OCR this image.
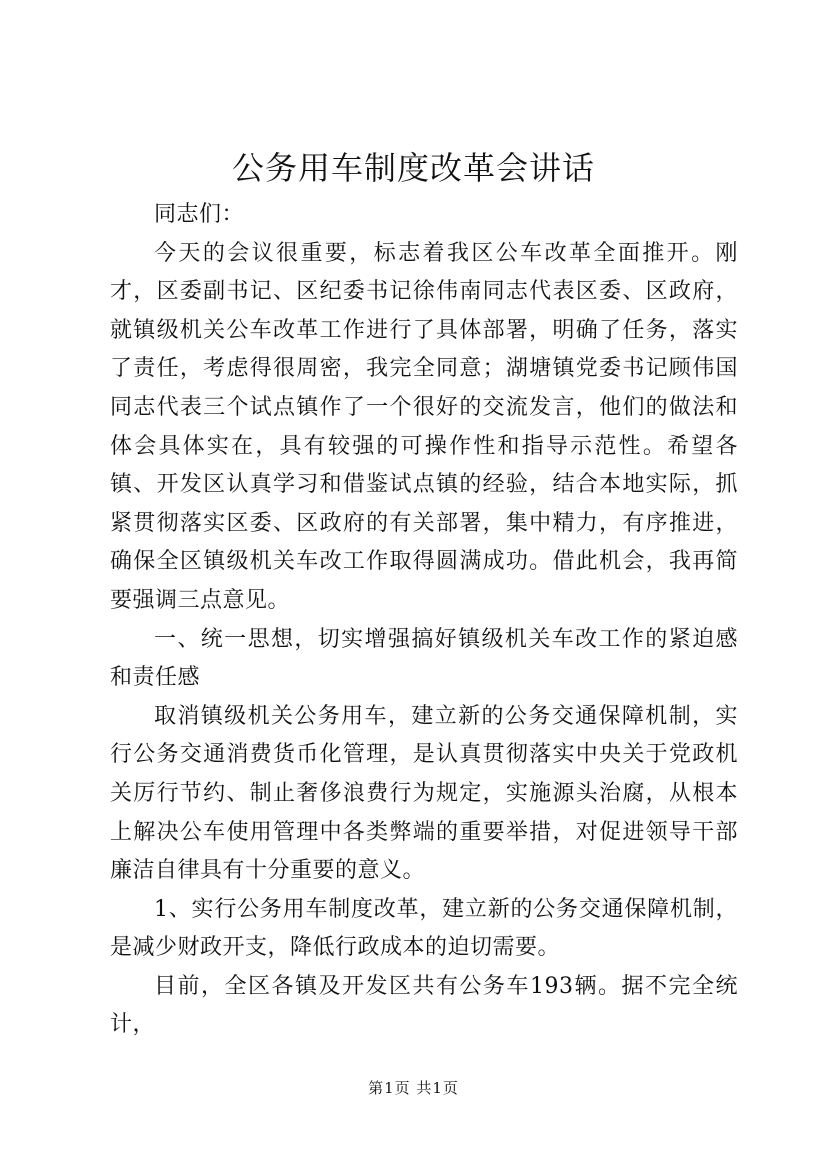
公务用车制度改革会讲话

同志们：

今天的会议很重要，标志着我区公车改革全面推开。刚才，区委副书记、区纪委书记徐伟南同志代表区委、区政府，就镇级机关公车改革工作进行了具体部署，明确了任务，落实了责任，考虑得很周密，我完全同意；湖塘镇党委书记顾伟国同志代表三个试点镇作了一个很好的交流发言，他们的做法和体会具体实在，具有较强的可操作性和指导示范性。希望各镇、开发区认真学习和借鉴试点镇的经验，结合本地实际，抓紧贯彻落实区委、区政府的有关部署，集中精力，有序推进，确保全区镇级机关车改工作取得圆满成功。借此机会，我再简要强调三点意见。

一、统一思想，切实增强搞好镇级机关车改工作的紧迫感和责任感

取消镇级机关公务用车，建立新的公务交通保障机制，实行公务交通消费货币化管理，是认真贯彻落实中央关于党政机关厉行节约、制止奢侈浪费行为规定，实施源头治腐，从根本上解决公车使用管理中各类弊端的重要举措，对促进领导干部廉洁自律具有十分重要的意义。

1、实行公务用车制度改革，建立新的公务交通保障机制，是减少财政开支，降低行政成本的迫切需要。

目前，全区各镇及开发区共有公务车193辆。据不完全统计，

第1页 共1页
